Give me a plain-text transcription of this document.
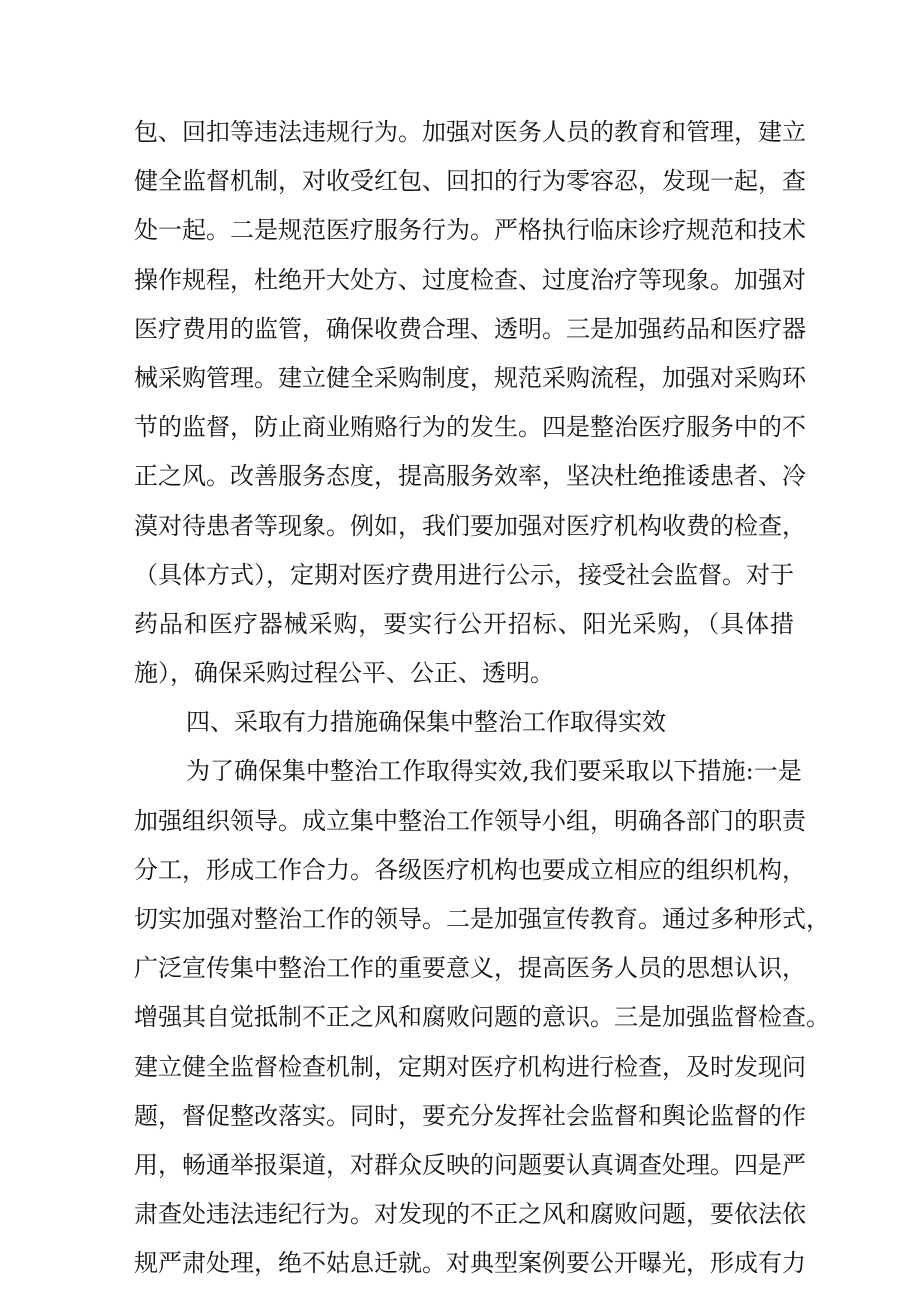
包、回扣等违法违规行为。加强对医务人员的教育和管理，建立
健全监督机制，对收受红包、回扣的行为零容忍，发现一起，查
处一起。二是规范医疗服务行为。严格执行临床诊疗规范和技术
操作规程，杜绝开大处方、过度检查、过度治疗等现象。加强对
医疗费用的监管，确保收费合理、透明。三是加强药品和医疗器
械采购管理。建立健全采购制度，规范采购流程，加强对采购环
节的监督，防止商业贿赂行为的发生。四是整治医疗服务中的不
正之风。改善服务态度，提高服务效率，坚决杜绝推诿患者、冷
漠对待患者等现象。例如，我们要加强对医疗机构收费的检查，
（具体方式），定期对医疗费用进行公示，接受社会监督。对于
药品和医疗器械采购，要实行公开招标、阳光采购，（具体措
施），确保采购过程公平、公正、透明。
四、采取有力措施确保集中整治工作取得实效
为了确保集中整治工作取得实效,我们要采取以下措施:一是
加强组织领导。成立集中整治工作领导小组，明确各部门的职责
分工，形成工作合力。各级医疗机构也要成立相应的组织机构，
切实加强对整治工作的领导。二是加强宣传教育。通过多种形式，
广泛宣传集中整治工作的重要意义，提高医务人员的思想认识，
增强其自觉抵制不正之风和腐败问题的意识。三是加强监督检查。
建立健全监督检查机制，定期对医疗机构进行检查，及时发现问
题，督促整改落实。同时，要充分发挥社会监督和舆论监督的作
用，畅通举报渠道，对群众反映的问题要认真调查处理。四是严
肃查处违法违纪行为。对发现的不正之风和腐败问题，要依法依
规严肃处理，绝不姑息迁就。对典型案例要公开曝光，形成有力
